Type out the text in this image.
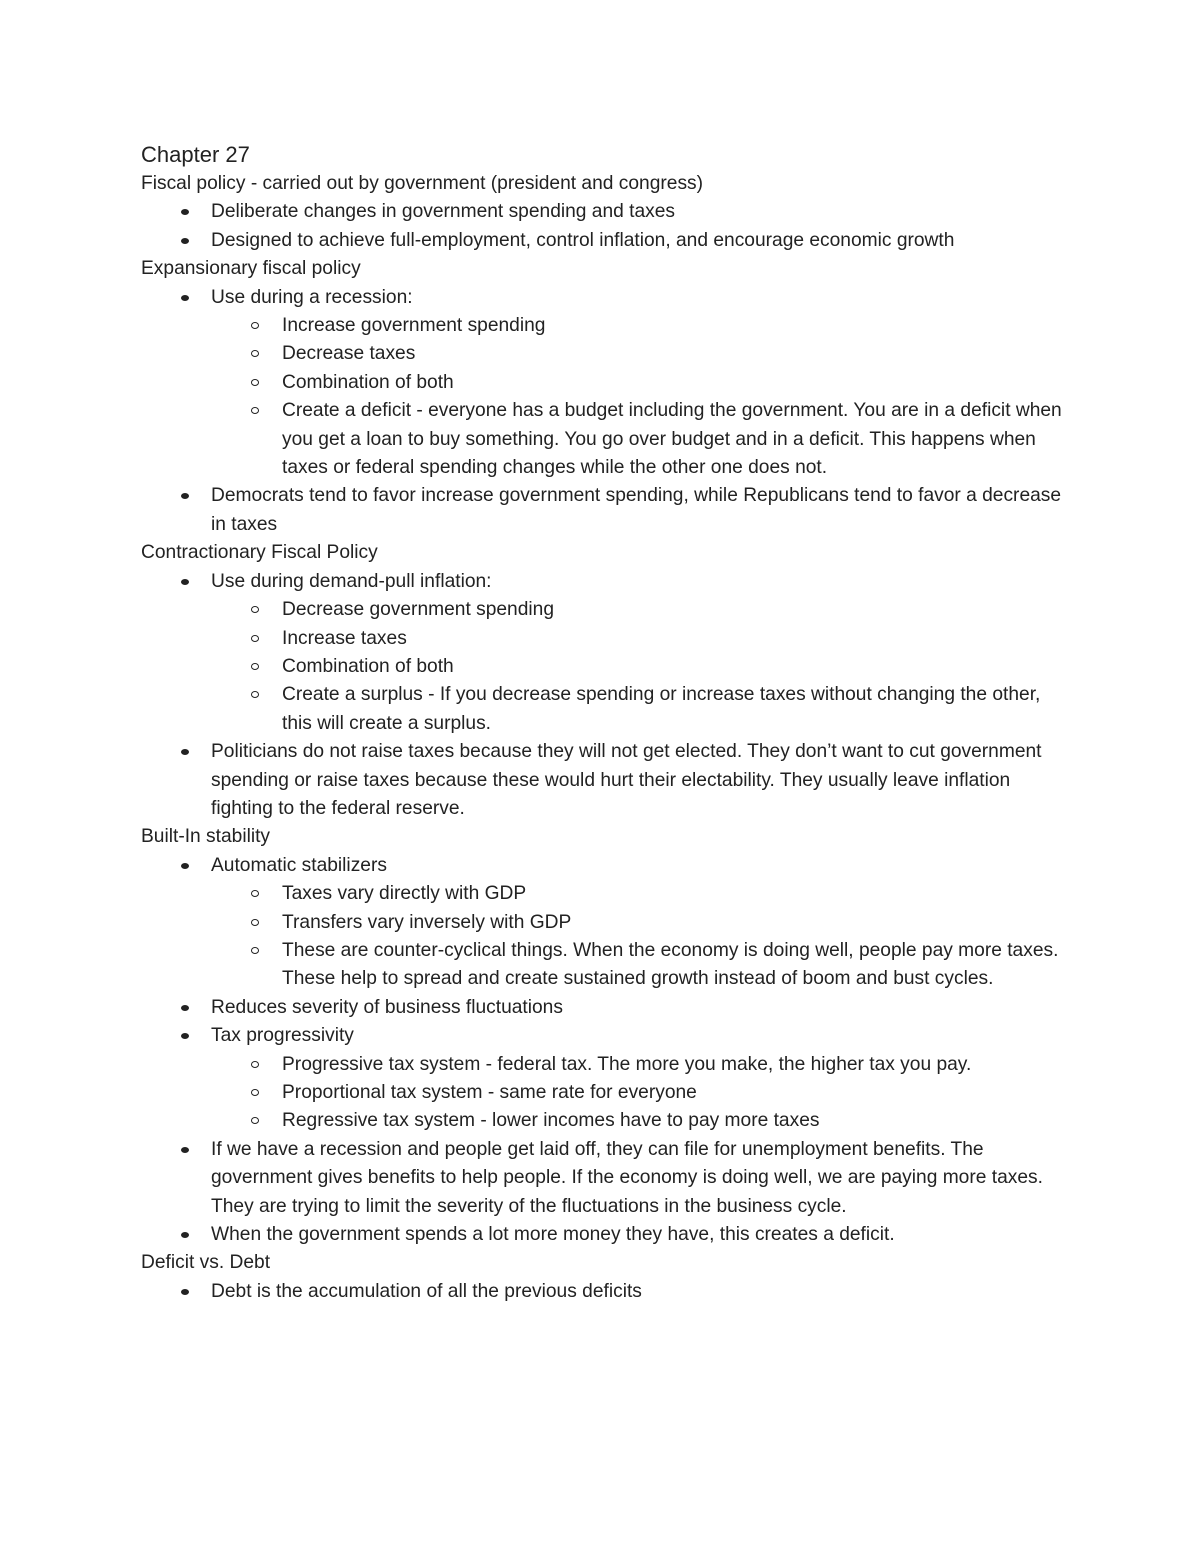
Chapter 27
Fiscal policy - carried out by government (president and congress)
Deliberate changes in government spending and taxes
Designed to achieve full-employment, control inflation, and encourage economic growth
Expansionary fiscal policy
Use during a recession:
Increase government spending
Decrease taxes
Combination of both
Create a deficit - everyone has a budget including the government. You are in a deficit when you get a loan to buy something. You go over budget and in a deficit. This happens when taxes or federal spending changes while the other one does not.
Democrats tend to favor increase government spending, while Republicans tend to favor a decrease in taxes
Contractionary Fiscal Policy
Use during demand-pull inflation:
Decrease government spending
Increase taxes
Combination of both
Create a surplus - If you decrease spending or increase taxes without changing the other, this will create a surplus.
Politicians do not raise taxes because they will not get elected. They don’t want to cut government spending or raise taxes because these would hurt their electability. They usually leave inflation fighting to the federal reserve.
Built-In stability
Automatic stabilizers
Taxes vary directly with GDP
Transfers vary inversely with GDP
These are counter-cyclical things. When the economy is doing well, people pay more taxes. These help to spread and create sustained growth instead of boom and bust cycles.
Reduces severity of business fluctuations
Tax progressivity
Progressive tax system - federal tax. The more you make, the higher tax you pay.
Proportional tax system - same rate for everyone
Regressive tax system - lower incomes have to pay more taxes
If we have a recession and people get laid off, they can file for unemployment benefits. The government gives benefits to help people. If the economy is doing well, we are paying more taxes. They are trying to limit the severity of the fluctuations in the business cycle.
When the government spends a lot more money they have, this creates a deficit.
Deficit vs. Debt
Debt is the accumulation of all the previous deficits
